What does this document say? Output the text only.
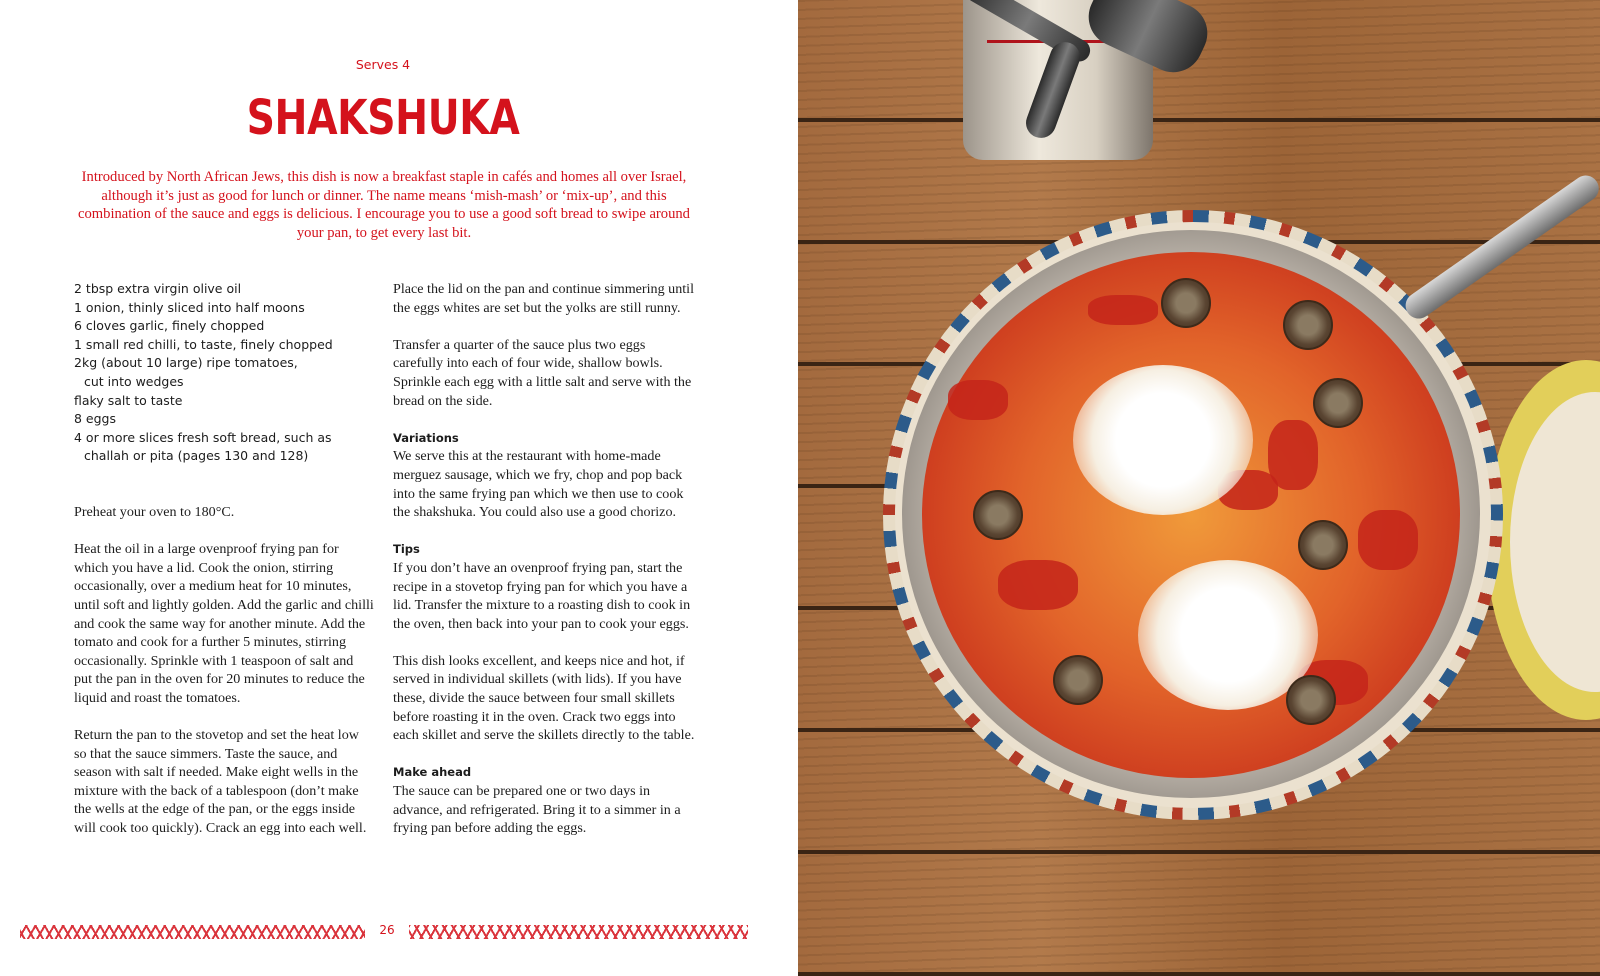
Serves 4
SHAKSHUKA
Introduced by North African Jews, this dish is now a breakfast staple in cafés and homes all over Israel, although it’s just as good for lunch or dinner. The name means ‘mish-mash’ or ‘mix-up’, and this combination of the sauce and eggs is delicious. I encourage you to use a good soft bread to swipe around your pan, to get every last bit.

2 tbsp extra virgin olive oil

1 onion, thinly sliced into half moons

6 cloves garlic, finely chopped

1 small red chilli, to taste, finely chopped

2kg (about 10 large) ripe tomatoes,

cut into wedges

flaky salt to taste

8 eggs

4 or more slices fresh soft bread, such as

challah or pita (pages 130 and 128)

Preheat your oven to 180°C.

Heat the oil in a large ovenproof frying pan for which you have a lid. Cook the onion, stirring occasionally, over a medium heat for 10 minutes, until soft and lightly golden. Add the garlic and chilli and cook the same way for another minute. Add the tomato and cook for a further 5 minutes, stirring occasionally. Sprinkle with 1 teaspoon of salt and put the pan in the oven for 20 minutes to reduce the liquid and roast the tomatoes.

Return the pan to the stovetop and set the heat low so that the sauce simmers. Taste the sauce, and season with salt if needed. Make eight wells in the mixture with the back of a tablespoon (don’t make the wells at the edge of the pan, or the eggs inside will cook too quickly). Crack an egg into each well.

Place the lid on the pan and continue simmering until the eggs whites are set but the yolks are still runny.

Transfer a quarter of the sauce plus two eggs carefully into each of four wide, shallow bowls. Sprinkle each egg with a little salt and serve with the bread on the side.

Variations

We serve this at the restaurant with home-made merguez sausage, which we fry, chop and pop back into the same frying pan which we then use to cook the shakshuka. You could also use a good chorizo.

Tips

If you don’t have an ovenproof frying pan, start the recipe in a stovetop frying pan for which you have a lid. Transfer the mixture to a roasting dish to cook in the oven, then back into your pan to cook your eggs.

This dish looks excellent, and keeps nice and hot, if served in individual skillets (with lids). If you have these, divide the sauce between four small skillets before roasting it in the oven. Crack two eggs into each skillet and serve the skillets directly to the table.

Make ahead

The sauce can be prepared one or two days in advance, and refrigerated. Bring it to a simmer in a frying pan before adding the eggs.

26
